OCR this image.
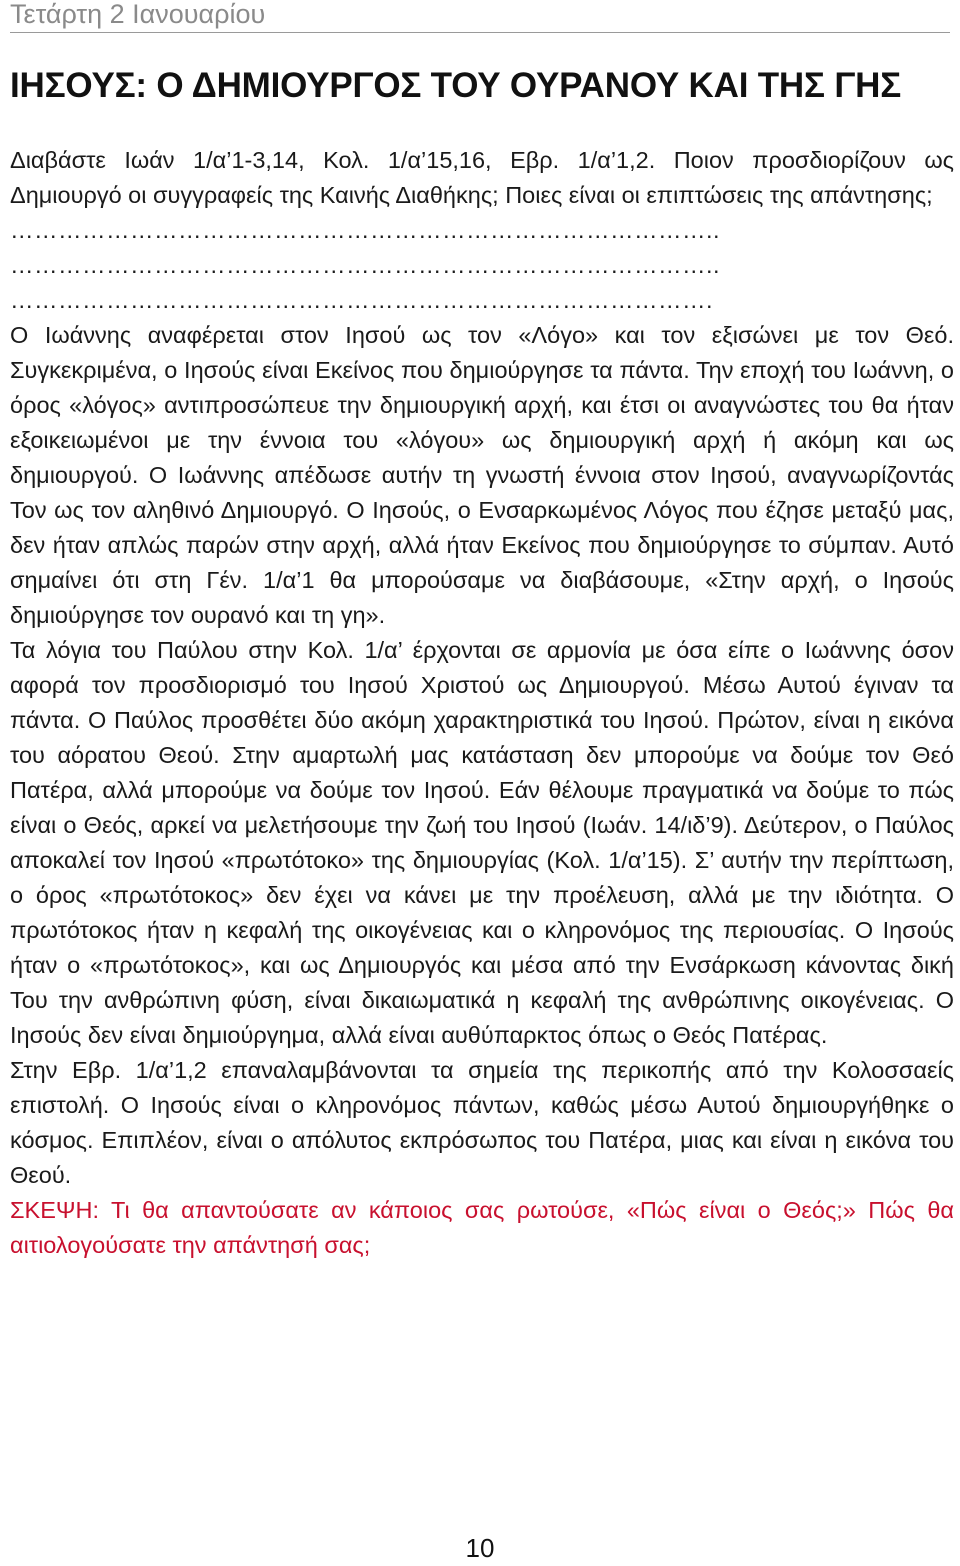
Τετάρτη 2 Ιανουαρίου
ΙΗΣΟΥΣ: Ο ΔΗΜΙΟΥΡΓΟΣ ΤΟΥ ΟΥΡΑΝΟΥ ΚΑΙ ΤΗΣ ΓΗΣ

Διαβάστε Ιωάν 1/α’1-3,14, Κολ. 1/α’15,16, Εβρ. 1/α’1,2. Ποιον προσδιορίζουν ως Δημιουργό οι συγγραφείς της Καινής Διαθήκης; Ποιες είναι οι επιπτώσεις της απάντησης;

……………………………………………………………………………..
……………………………………………………………………………..
…………………………………………………………………………….

Ο Ιωάννης αναφέρεται στον Ιησού ως τον «Λόγο» και τον εξισώνει με τον Θεό. Συγκεκριμένα, ο Ιησούς είναι Εκείνος που δημιούργησε τα πάντα. Την εποχή του Ιωάννη, ο όρος «λόγος» αντιπροσώπευε την δημιουργική αρχή, και έτσι οι αναγνώστες του θα ήταν εξοικειωμένοι με την έννοια του «λόγου» ως δημιουργική αρχή ή ακόμη και ως δημιουργού. Ο Ιωάννης απέδωσε αυτήν τη γνωστή έννοια στον Ιησού, αναγνωρίζοντάς Τον ως τον αληθινό Δημιουργό. Ο Ιησούς, ο Ενσαρκωμένος Λόγος που έζησε μεταξύ μας, δεν ήταν απλώς παρών στην αρχή, αλλά ήταν Εκείνος που δημιούργησε το σύμπαν. Αυτό σημαίνει ότι στη Γέν. 1/α’1 θα μπορούσαμε να διαβάσουμε, «Στην αρχή, ο Ιησούς δημιούργησε τον ουρανό και τη γη».

Τα λόγια του Παύλου στην Κολ. 1/α’ έρχονται σε αρμονία με όσα είπε ο Ιωάννης όσον αφορά τον προσδιορισμό του Ιησού Χριστού ως Δημιουργού. Μέσω Αυτού έγιναν τα πάντα. Ο Παύλος προσθέτει δύο ακόμη χαρακτηριστικά του Ιησού. Πρώτον, είναι η εικόνα του αόρατου Θεού. Στην αμαρτωλή μας κατάσταση δεν μπορούμε να δούμε τον Θεό Πατέρα, αλλά μπορούμε να δούμε τον Ιησού. Εάν θέλουμε πραγματικά να δούμε το πώς είναι ο Θεός, αρκεί να μελετήσουμε την ζωή του Ιησού (Ιωάν. 14/ιδ’9). Δεύτερον, ο Παύλος αποκαλεί τον Ιησού «πρωτότοκο» της δημιουργίας (Κολ. 1/α’15). Σ’ αυτήν την περίπτωση, ο όρος «πρωτότοκος» δεν έχει να κάνει με την προέλευση, αλλά με την ιδιότητα. Ο πρωτότοκος ήταν η κεφαλή της οικογένειας και ο κληρονόμος της περιουσίας. Ο Ιησούς ήταν ο «πρωτότοκος», και ως Δημιουργός και μέσα από την Ενσάρκωση κάνοντας δική Του την ανθρώπινη φύση, είναι δικαιωματικά η κεφαλή της ανθρώπινης οικογένειας. Ο Ιησούς δεν είναι δημιούργημα, αλλά είναι αυθύπαρκτος όπως ο Θεός Πατέρας.

Στην Εβρ. 1/α’1,2 επαναλαμβάνονται τα σημεία της περικοπής από την Κολοσσαείς επιστολή. Ο Ιησούς είναι ο κληρονόμος πάντων, καθώς μέσω Αυτού δημιουργήθηκε ο κόσμος. Επιπλέον, είναι ο απόλυτος εκπρόσωπος του Πατέρα, μιας και είναι η εικόνα του Θεού.

ΣΚΕΨΗ: Τι θα απαντούσατε αν κάποιος σας ρωτούσε, «Πώς είναι ο Θεός;» Πώς θα αιτιολογούσατε την απάντησή σας;

10
